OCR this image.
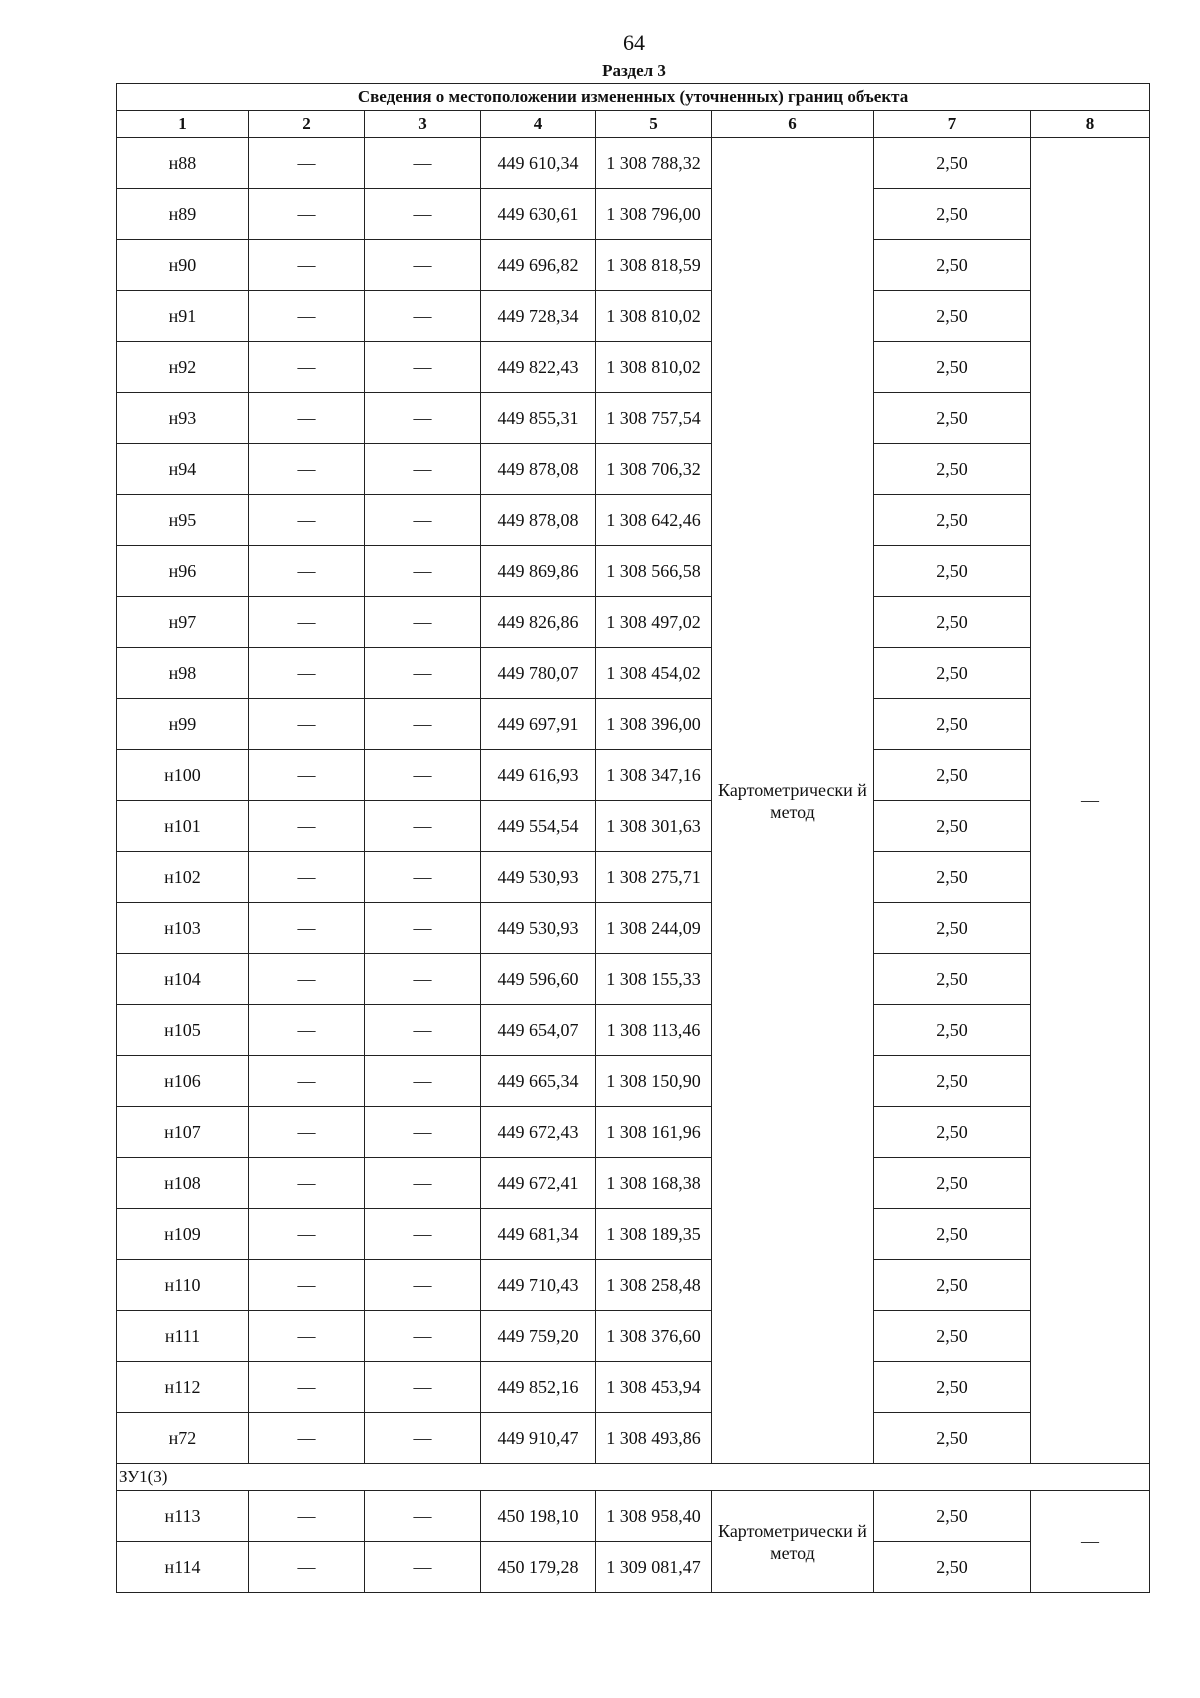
64
Раздел 3
Сведения о местоположении измененных (уточненных) границ объекта							
1	2	3	4	5	6	7	8
н88	—	—	449 610,34	1 308 788,32	Картометрически й метод	2,50	—
н89	—	—	449 630,61	1 308 796,00		2,50	
н90	—	—	449 696,82	1 308 818,59		2,50	
н91	—	—	449 728,34	1 308 810,02		2,50	
н92	—	—	449 822,43	1 308 810,02		2,50	
н93	—	—	449 855,31	1 308 757,54		2,50	
н94	—	—	449 878,08	1 308 706,32		2,50	
н95	—	—	449 878,08	1 308 642,46		2,50	
н96	—	—	449 869,86	1 308 566,58		2,50	
н97	—	—	449 826,86	1 308 497,02		2,50	
н98	—	—	449 780,07	1 308 454,02		2,50	
н99	—	—	449 697,91	1 308 396,00		2,50	
н100	—	—	449 616,93	1 308 347,16		2,50	
н101	—	—	449 554,54	1 308 301,63		2,50	
н102	—	—	449 530,93	1 308 275,71		2,50	
н103	—	—	449 530,93	1 308 244,09		2,50	
н104	—	—	449 596,60	1 308 155,33		2,50	
н105	—	—	449 654,07	1 308 113,46		2,50	
н106	—	—	449 665,34	1 308 150,90		2,50	
н107	—	—	449 672,43	1 308 161,96		2,50	
н108	—	—	449 672,41	1 308 168,38		2,50	
н109	—	—	449 681,34	1 308 189,35		2,50	
н110	—	—	449 710,43	1 308 258,48		2,50	
н111	—	—	449 759,20	1 308 376,60		2,50	
н112	—	—	449 852,16	1 308 453,94		2,50	
н72	—	—	449 910,47	1 308 493,86		2,50	
ЗУ1(3)							
н113	—	—	450 198,10	1 308 958,40	Картометрически й метод	2,50	—
н114	—	—	450 179,28	1 309 081,47		2,50	
